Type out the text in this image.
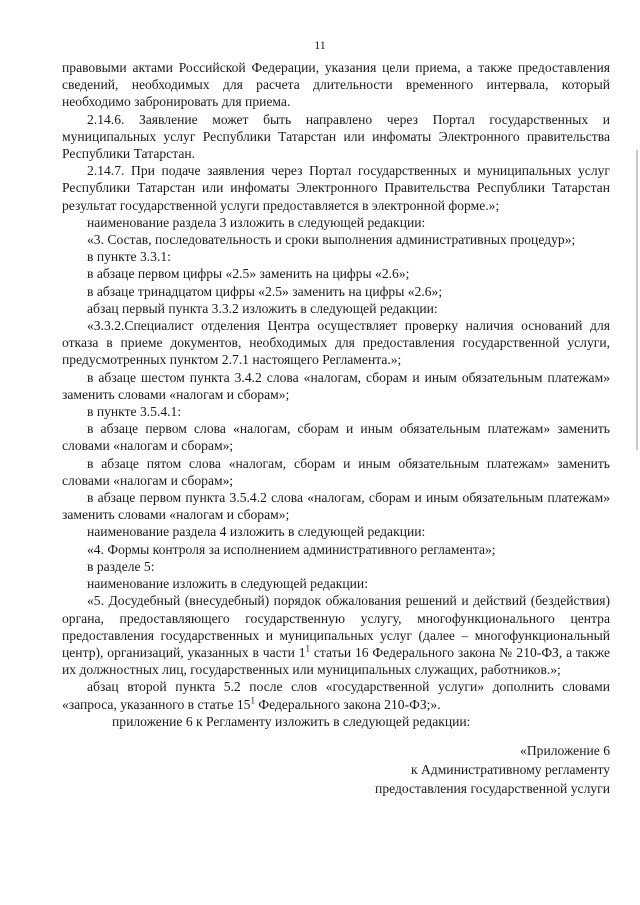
11

правовыми актами Российской Федерации, указания цели приема, а также предоставления сведений, необходимых для расчета длительности временного интервала, который необходимо забронировать для приема.

2.14.6. Заявление может быть направлено через Портал государственных и муниципальных услуг Республики Татарстан или инфоматы Электронного правительства Республики Татарстан.

2.14.7. При подаче заявления через Портал государственных и муниципальных услуг Республики Татарстан или инфоматы Электронного Правительства Республики Татарстан результат государственной услуги предоставляется в электронной форме.»;

наименование раздела 3 изложить в следующей редакции:

«3. Состав, последовательность и сроки выполнения административных процедур»;

в пункте 3.3.1:

в абзаце первом цифры «2.5» заменить на цифры «2.6»;

в абзаце тринадцатом цифры «2.5» заменить на цифры «2.6»;

абзац первый пункта 3.3.2 изложить в следующей редакции:

«3.3.2.Специалист отделения Центра осуществляет проверку наличия оснований для отказа в приеме документов, необходимых для предоставления государственной услуги, предусмотренных пунктом 2.7.1 настоящего Регламента.»;

в абзаце шестом пункта 3.4.2 слова «налогам, сборам и иным обязательным платежам» заменить словами «налогам и сборам»;

в пункте 3.5.4.1:

в абзаце первом слова «налогам, сборам и иным обязательным платежам» заменить словами «налогам и сборам»;

в абзаце пятом слова «налогам, сборам и иным обязательным платежам» заменить словами «налогам и сборам»;

в абзаце первом пункта 3.5.4.2 слова «налогам, сборам и иным обязательным платежам» заменить словами «налогам и сборам»;

наименование раздела 4 изложить в следующей редакции:

«4. Формы контроля за исполнением административного регламента»;

в разделе 5:

наименование изложить в следующей редакции:

«5. Досудебный (внесудебный) порядок обжалования решений и действий (бездействия) органа, предоставляющего государственную услугу, многофункционального центра предоставления государственных и муниципальных услуг (далее – многофункциональный центр), организаций, указанных в части $1^1$ статьи 16 Федерального закона № 210-ФЗ, а также их должностных лиц, государственных или муниципальных служащих, работников.»;

абзац второй пункта 5.2 после слов «государственной услуги» дополнить словами «запроса, указанного в статье $15^1$ Федерального закона 210-ФЗ;».

приложение 6 к Регламенту изложить в следующей редакции:

«Приложение 6

к Административному регламенту

предоставления государственной услуги
